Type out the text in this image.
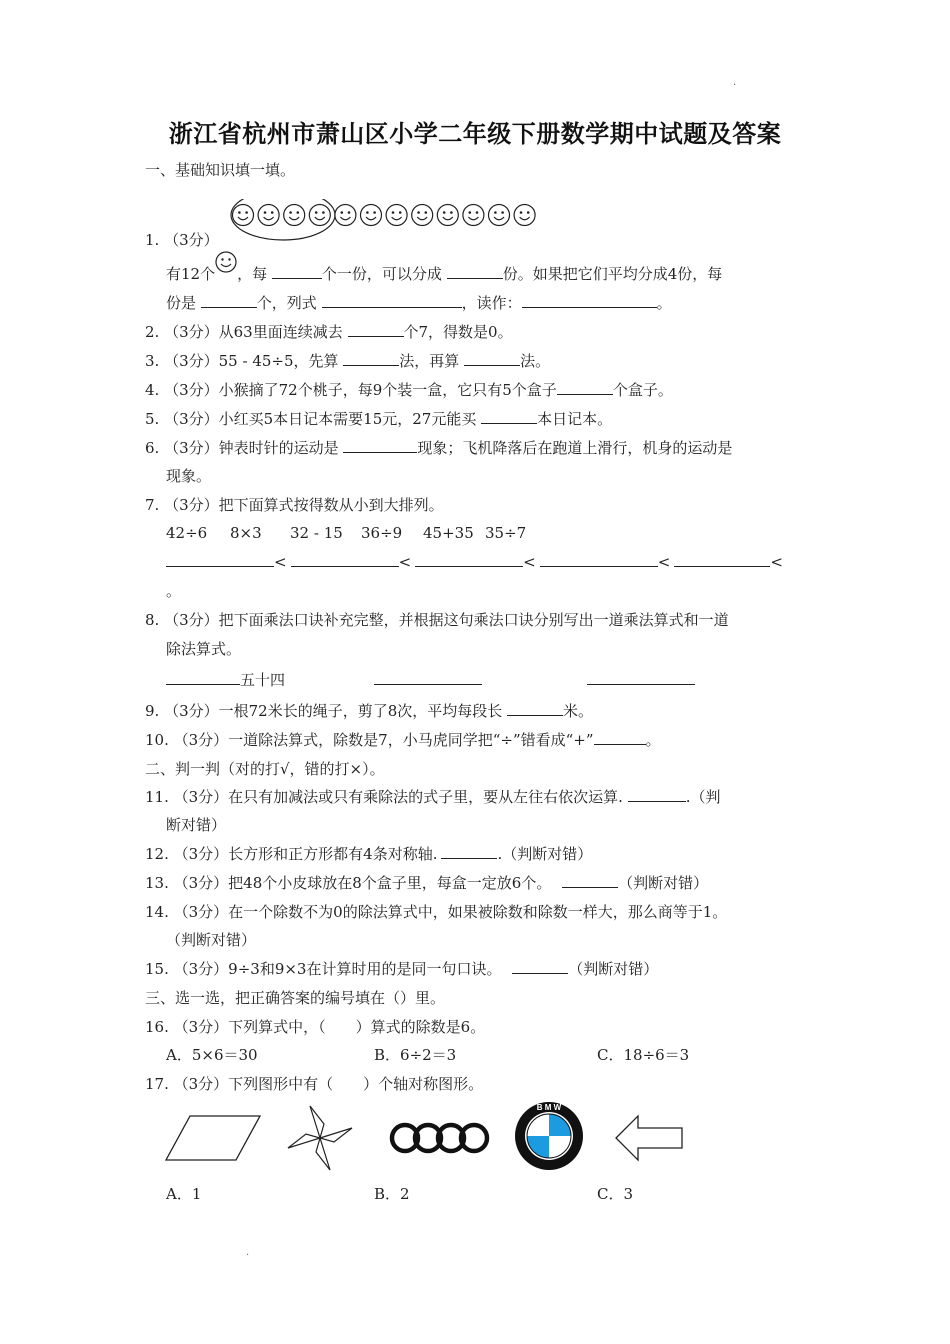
·
浙江省杭州市萧山区小学二年级下册数学期中试题及答案
一、基础知识填一填。
1. （3分）
有12个 ，每	个一份，可以分成	份。如果把它们平均分成4份，每
份是	个，列式	，读作：	。
2. （3分）从63里面连续减去	个7，得数是0。
3. （3分）55 - 45÷5，先算	法，再算	法。
4. （3分）小猴摘了72个桃子，每9个装一盒，它只有5个盒子	个盒子。
5. （3分）小红买5本日记本需要15元，27元能买	本日记本。
6. （3分）钟表时针的运动是	现象；飞机降落后在跑道上滑行，机身的运动是
现象。
7. （3分）把下面算式按得数从小到大排列。
42÷6 8×3 32 - 15 36÷9 45+35 35÷7
<	<	<	<	<
。
8. （3分）把下面乘法口诀补充完整，并根据这句乘法口诀分别写出一道乘法算式和一道
除法算式。
五十四
9. （3分）一根72米长的绳子，剪了8次，平均每段长	米。
10. （3分）一道除法算式，除数是7，小马虎同学把“÷”错看成“+”	。
二、判一判（对的打√，错的打×）。
11. （3分）在只有加减法或只有乘除法的式子里，要从左往右依次运算.	.（判
断对错）
12. （3分）长方形和正方形都有4条对称轴.	.（判断对错）
13. （3分）把48个小皮球放在8个盒子里，每盒一定放6个。	（判断对错）
14. （3分）在一个除数不为0的除法算式中，如果被除数和除数一样大，那么商等于1。
（判断对错）
15. （3分）9÷3和9×3在计算时用的是同一句口诀。	（判断对错）
三、选一选，把正确答案的编号填在（）里。
16. （3分）下列算式中，（　　）算式的除数是6。
A．5×6＝30	B．6÷2＝3	C．18÷6＝3
17. （3分）下列图形中有（　　）个轴对称图形。
B M W
A．1	B．2	C．3
·
